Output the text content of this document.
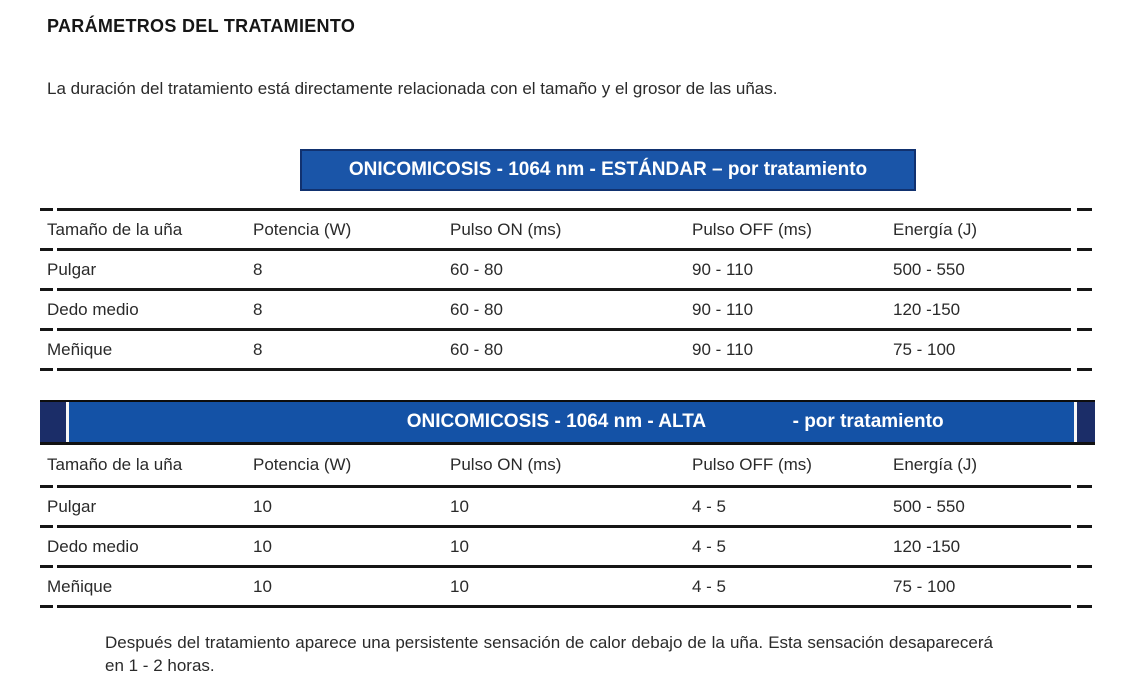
PARÁMETROS DEL TRATAMIENTO

La duración del tratamiento está directamente relacionada con el tamaño y el grosor de las uñas.

ONICOMICOSIS - 1064 nm - ESTÁNDAR – por tratamiento
Tamaño de la uña	Potencia (W)	Pulso ON (ms)	Pulso OFF (ms)	Energía (J)
Pulgar	8	60 - 80	90 - 110	500 - 550
Dedo medio	8	60 - 80	90 - 110	120 -150
Meñique	8	60 - 80	90 - 110	75 - 100
ONICOMICOSIS - 1064 nm - ALTA	- por tratamiento
Tamaño de la uña	Potencia (W)	Pulso ON (ms)	Pulso OFF (ms)	Energía (J)
Pulgar	10	10	4 - 5	500 - 550
Dedo medio	10	10	4 - 5	120 -150
Meñique	10	10	4 - 5	75 - 100

Después del tratamiento aparece una persistente sensación de calor debajo de la uña. Esta sensación desaparecerá en 1 - 2 horas.
